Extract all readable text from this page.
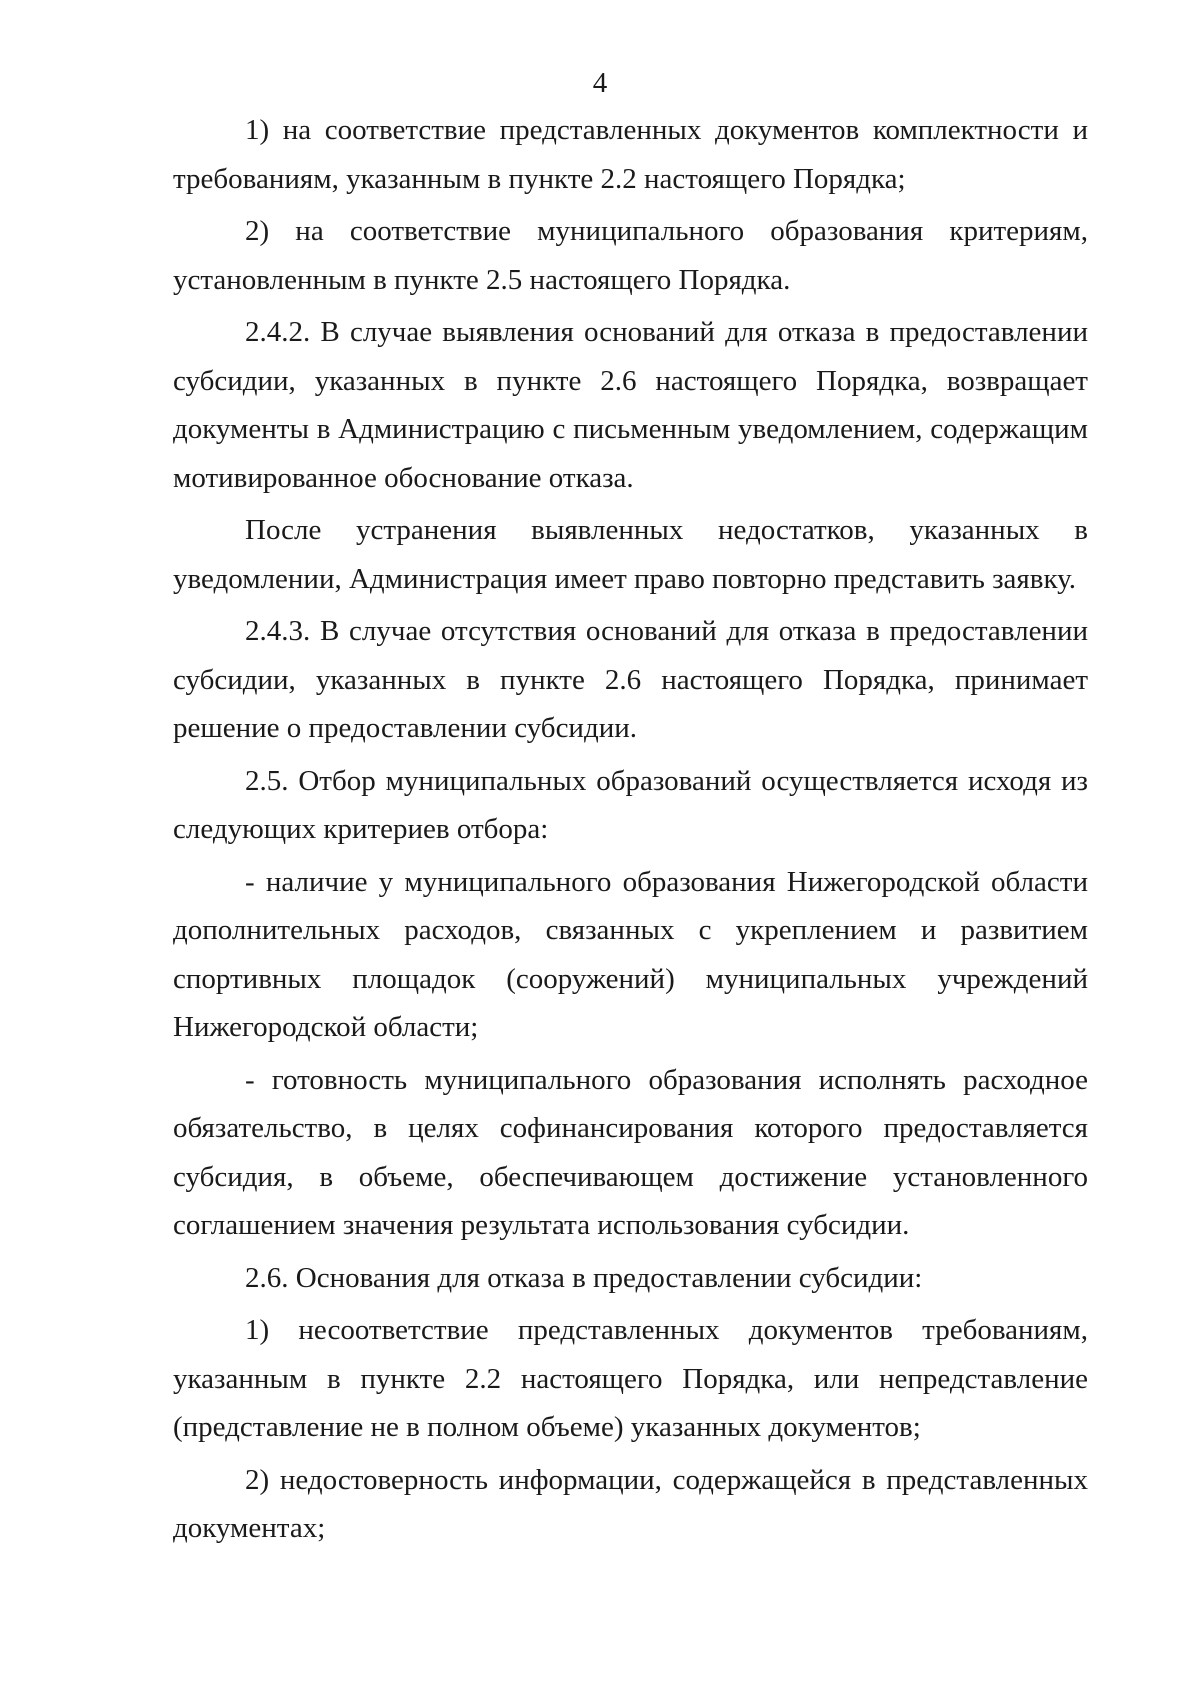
4

1) на соответствие представленных документов комплектности и требованиям, указанным в пункте 2.2 настоящего Порядка;

2) на соответствие муниципального образования критериям, установленным в пункте 2.5 настоящего Порядка.

2.4.2. В случае выявления оснований для отказа в предоставлении субсидии, указанных в пункте 2.6 настоящего Порядка, возвращает документы в Администрацию с письменным уведомлением, содержащим мотивированное обоснование отказа.

После устранения выявленных недостатков, указанных в уведомлении, Администрация имеет право повторно представить заявку.

2.4.3. В случае отсутствия оснований для отказа в предоставлении субсидии, указанных в пункте 2.6 настоящего Порядка, принимает решение о предоставлении субсидии.

2.5. Отбор муниципальных образований осуществляется исходя из следующих критериев отбора:

- наличие у муниципального образования Нижегородской области дополнительных расходов, связанных с укреплением и развитием спортивных площадок (сооружений) муниципальных учреждений Нижегородской области;

- готовность муниципального образования исполнять расходное обязательство, в целях софинансирования которого предоставляется субсидия, в объеме, обеспечивающем достижение установленного соглашением значения результата использования субсидии.

2.6. Основания для отказа в предоставлении субсидии:

1) несоответствие представленных документов требованиям, указанным в пункте 2.2 настоящего Порядка, или непредставление (представление не в полном объеме) указанных документов;

2) недостоверность информации, содержащейся в представленных документах;
